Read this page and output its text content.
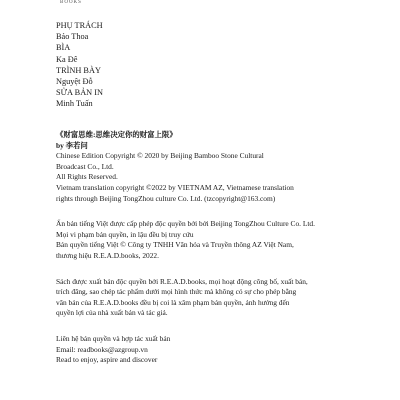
BOOKS
PHỤ TRÁCH
Bảo Thoa
BÌA
Ka Đê
TRÌNH BÀY
Nguyệt Đỗ
SỬA BẢN IN
Minh Tuấn

《财富思维:思维决定你的财富上限》

by 李若问

Chinese Edition Copyright © 2020 by Beijing Bamboo Stone Cultural

Broadcast Co., Ltd.

All Rights Reserved.

Vietnam translation copyright ©2022 by VIETNAM AZ, Vietnamese translation

rights through Beijing TongZhou culture Co. Ltd. (tzcopyright@163.com)

Ấn bản tiếng Việt được cấp phép độc quyền bởi bởi Beijing TongZhou Culture Co. Ltd.

Mọi vi phạm bản quyền, in lậu đều bị truy cứu

Bản quyền tiếng Việt © Công ty TNHH Văn hóa và Truyền thông AZ Việt Nam,

thương hiệu R.E.A.D.books, 2022.

Sách được xuất bản độc quyền bởi R.E.A.D.books, mọi hoạt động công bố, xuất bản,

trích đăng, sao chép tác phẩm dưới mọi hình thức mà không có sự cho phép bằng

văn bản của R.E.A.D.books đều bị coi là xâm phạm bản quyền, ảnh hưởng đến

quyền lợi của nhà xuất bản và tác giả.

Liên hệ bản quyền và hợp tác xuất bản

Email: readbooks@azgroup.vn

Read to enjoy, aspire and discover
